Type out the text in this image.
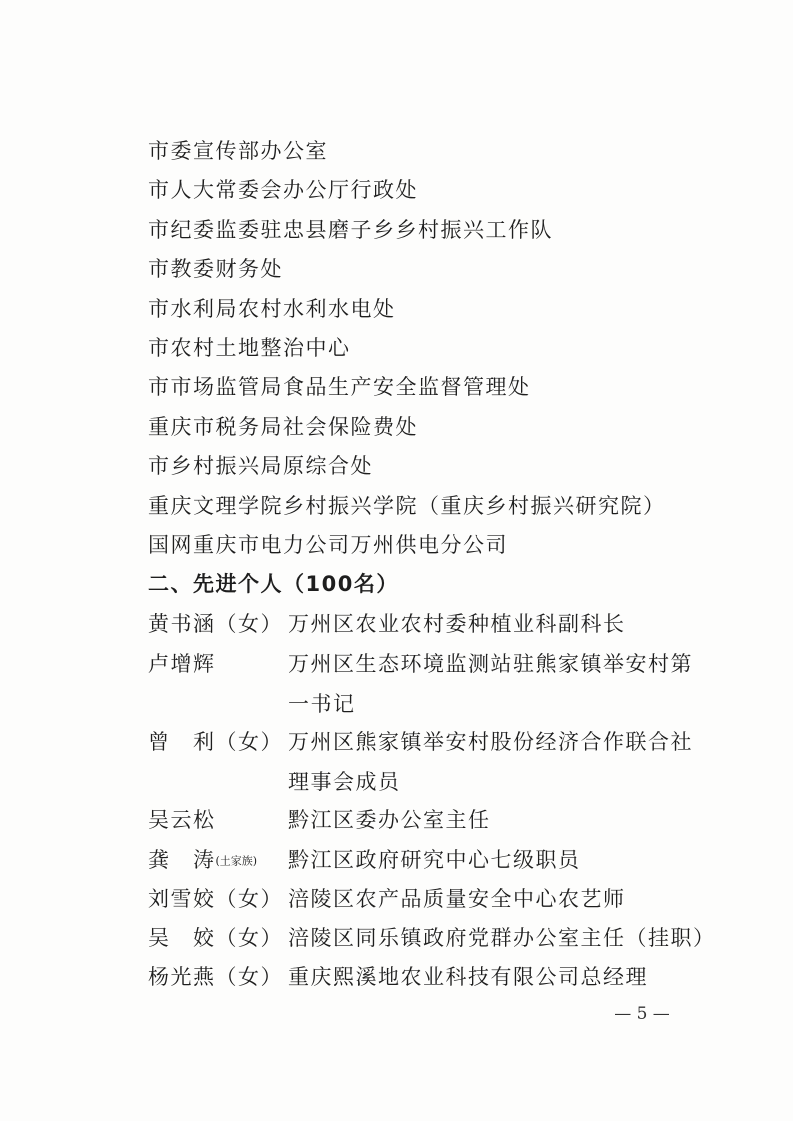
市委宣传部办公室
市人大常委会办公厅行政处
市纪委监委驻忠县磨子乡乡村振兴工作队
市教委财务处
市水利局农村水利水电处
市农村土地整治中心
市市场监管局食品生产安全监督管理处
重庆市税务局社会保险费处
市乡村振兴局原综合处
重庆文理学院乡村振兴学院（重庆乡村振兴研究院）
国网重庆市电力公司万州供电分公司
二、先进个人（100名）
黄书涵（女） 万州区农业农村委种植业科副科长
卢增辉	万州区生态环境监测站驻熊家镇举安村第一书记
曾　利（女） 万州区熊家镇举安村股份经济合作联合社理事会成员
吴云松	黔江区委办公室主任
龚　涛(土家族) 黔江区政府研究中心七级职员
刘雪姣（女） 涪陵区农产品质量安全中心农艺师
吴　姣（女） 涪陵区同乐镇政府党群办公室主任（挂职）
杨光燕（女） 重庆熙溪地农业科技有限公司总经理
— 5 —
